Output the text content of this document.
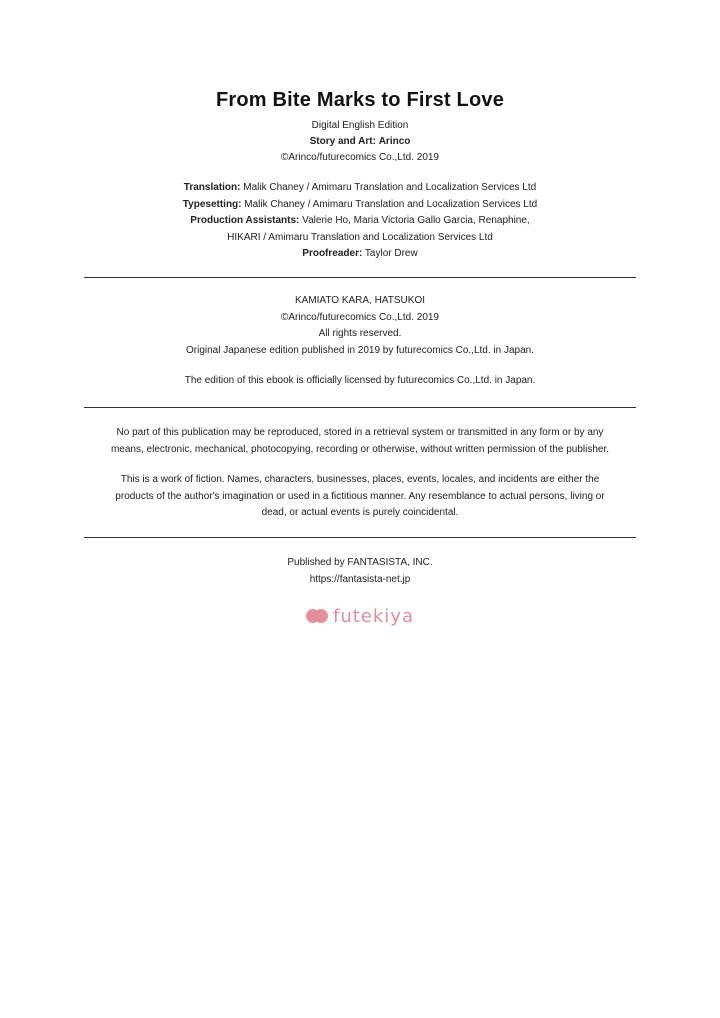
From Bite Marks to First Love
Digital English Edition
Story and Art: Arinco
©Arinco/futurecomics Co.,Ltd. 2019
Translation: Malik Chaney / Amimaru Translation and Localization Services Ltd
Typesetting: Malik Chaney / Amimaru Translation and Localization Services Ltd
Production Assistants: Valerie Ho, Maria Victoria Gallo Garcia, Renaphine,
HIKARI / Amimaru Translation and Localization Services Ltd
Proofreader: Taylor Drew
KAMIATO KARA, HATSUKOI
©Arinco/futurecomics Co.,Ltd. 2019
All rights reserved.
Original Japanese edition published in 2019 by futurecomics Co.,Ltd. in Japan.
The edition of this ebook is officially licensed by futurecomics Co.,Ltd. in Japan.
No part of this publication may be reproduced, stored in a retrieval system or transmitted in any form or by any
means, electronic, mechanical, photocopying, recording or otherwise, without written permission of the publisher.
This is a work of fiction. Names, characters, businesses, places, events, locales, and incidents are either the
products of the author's imagination or used in a fictitious manner. Any resemblance to actual persons, living or
dead, or actual events is purely coincidental.
Published by FANTASISTA, INC.
https://fantasista-net.jp
futekiya
